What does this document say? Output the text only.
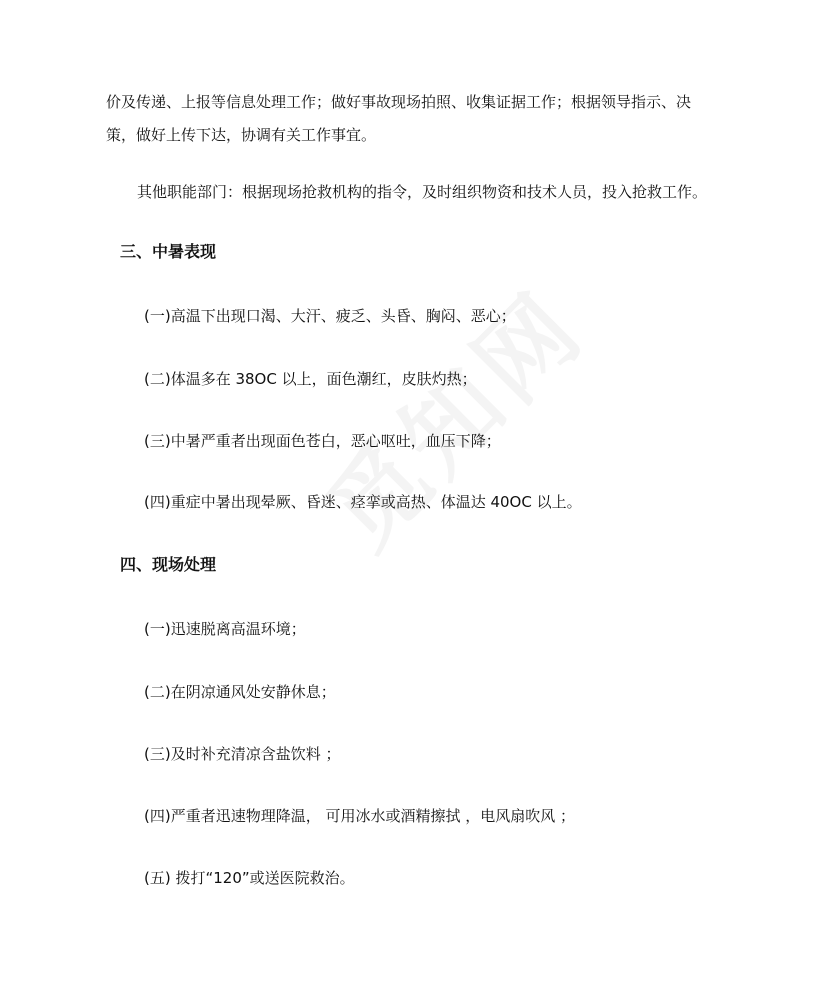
价及传递、上报等信息处理工作；做好事故现场拍照、收集证据工作；根据领导指示、决
策，做好上传下达，协调有关工作事宜。
其他职能部门：根据现场抢救机构的指令，及时组织物资和技术人员，投入抢救工作。
三、中暑表现
(一)高温下出现口渴、大汗、疲乏、头昏、胸闷、恶心；
(二)体温多在 38OC 以上，面色潮红，皮肤灼热；
(三)中暑严重者出现面色苍白，恶心呕吐，血压下降；
(四)重症中暑出现晕厥、昏迷、痉挛或高热、体温达 40OC 以上。
四、现场处理
(一)迅速脱离高温环境；
(二)在阴凉通风处安静休息；
(三)及时补充清凉含盐饮料 ；
(四)严重者迅速物理降温， 可用冰水或酒精擦拭 ，电风扇吹风 ；
(五) 拨打“120”或送医院救治。
